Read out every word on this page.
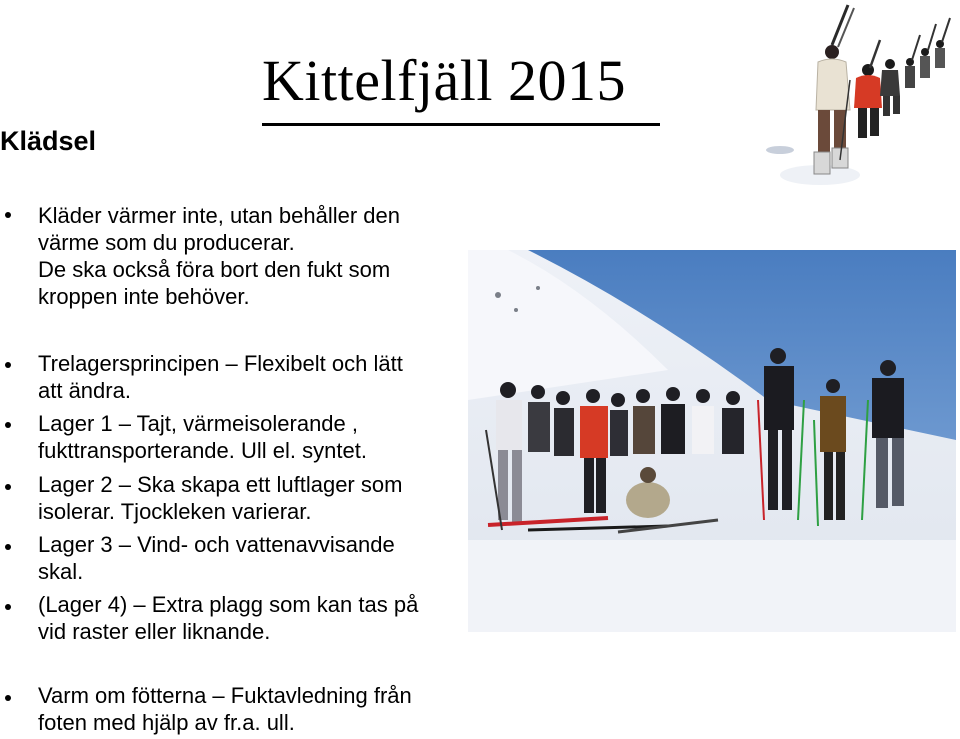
Kittelfjäll 2015
Klädsel
Kläder värmer inte, utan behåller den
värme som du producerar.
De ska också föra bort den fukt som
kroppen inte behöver.
Trelagersprincipen – Flexibelt och lätt
att ändra.
Lager 1 – Tajt, värmeisolerande ,
fukttransporterande. Ull el. syntet.
Lager 2 – Ska skapa ett luftlager som
isolerar. Tjockleken varierar.
Lager 3 – Vind- och vattenavvisande
skal.
(Lager 4) – Extra plagg som kan tas på
vid raster eller liknande.
Varm om fötterna – Fuktavledning från
foten med hjälp av fr.a. ull.
